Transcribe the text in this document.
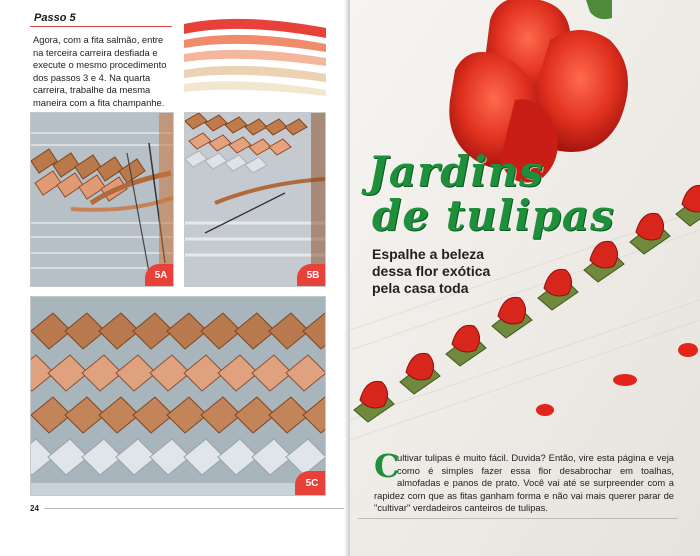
Passo 5
Agora, com a fita salmão, entre
na terceira carreira desfiada e
execute o mesmo procedimento
dos passos 3 e 4. Na quarta
carreira, trabalhe da mesma
maneira com a fita champanhe.
5A	5B
5C
24
Jardins
de tulipas
Espalhe a beleza
dessa flor exótica
pela casa toda
C
ultivar tulipas é muito fácil. Duvida? Então, vire esta página e veja como é simples fazer essa flor desabrochar em toalhas, almofadas e panos de prato. Você vai até se surpreender com a rapidez com que as fitas ganham forma e não vai mais querer parar de "cultivar" verdadeiros canteiros de tulipas.
